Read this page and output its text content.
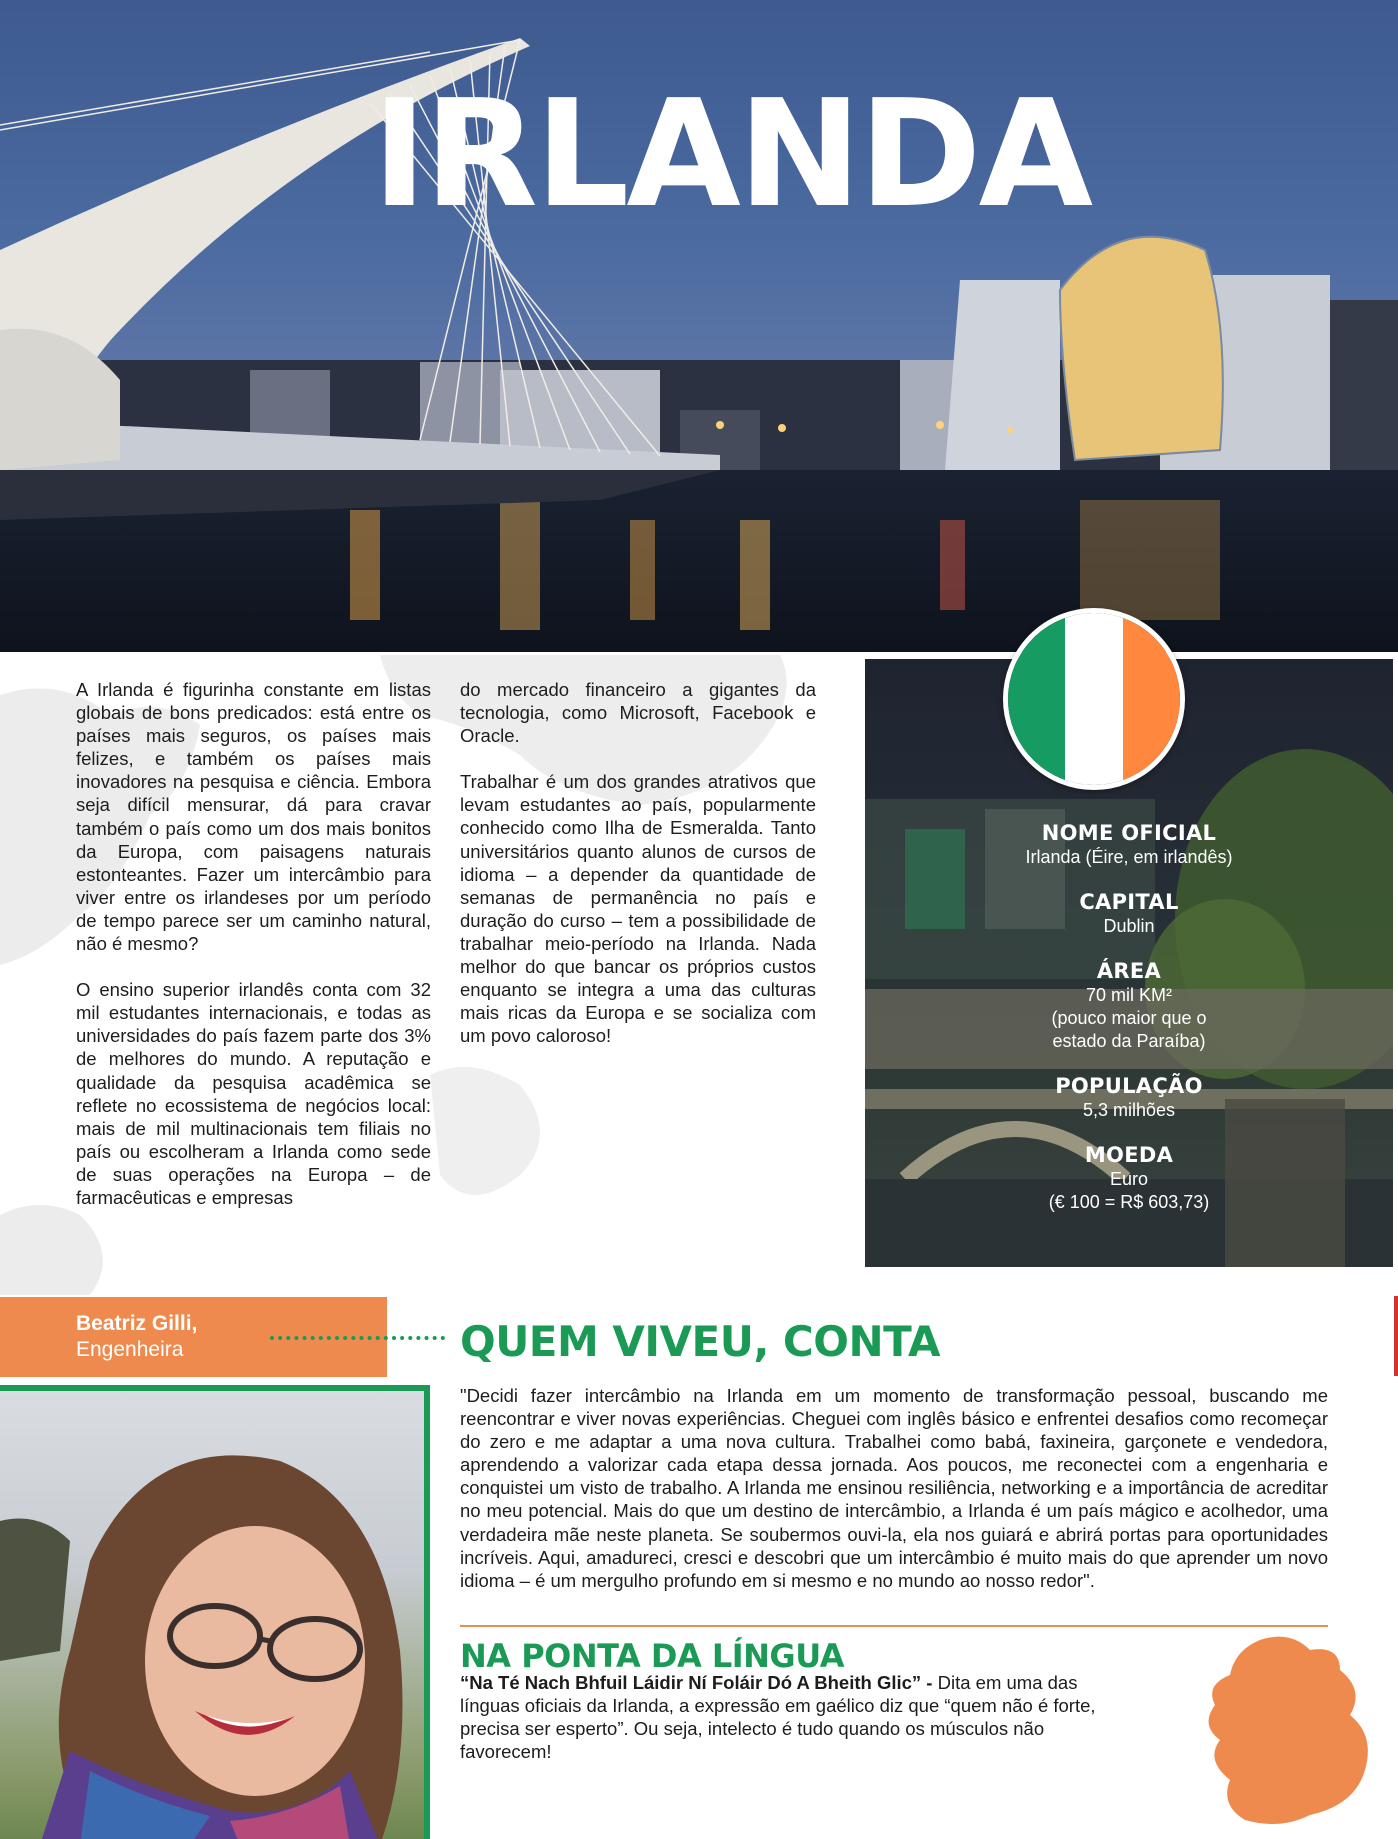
IRLANDA

A Irlanda é figurinha constante em listas globais de bons predicados: está entre os países mais seguros, os países mais felizes, e também os países mais inovadores na pesquisa e ciência. Embora seja difícil mensurar, dá para cravar também o país como um dos mais bonitos da Europa, com paisagens naturais estonteantes. Fazer um intercâmbio para viver entre os irlandeses por um período de tempo parece ser um caminho natural, não é mesmo?

O ensino superior irlandês conta com 32 mil estudantes internacionais, e todas as universidades do país fazem parte dos 3% de melhores do mundo. A reputação e qualidade da pesquisa acadêmica se reflete no ecossistema de negócios local: mais de mil multinacionais tem filiais no país ou escolheram a Irlanda como sede de suas operações na Europa – de farmacêuticas e empresas

do mercado financeiro a gigantes da tecnologia, como Microsoft, Facebook e Oracle.

Trabalhar é um dos grandes atrativos que levam estudantes ao país, popularmente conhecido como Ilha de Esmeralda. Tanto universitários quanto alunos de cursos de idioma – a depender da quantidade de semanas de permanência no país e duração do curso – tem a possibilidade de trabalhar meio-período na Irlanda. Nada melhor do que bancar os próprios custos enquanto se integra a uma das culturas mais ricas da Europa e se socializa com um povo caloroso!

NOME OFICIAL
Irlanda (Éire, em irlandês)
CAPITAL
Dublin
ÁREA
70 mil KM²
(pouco maior que o
estado da Paraíba)
POPULAÇÃO
5,3 milhões
MOEDA
Euro
(€ 100 = R$ 603,73)
Beatriz Gilli,
Engenheira	QUEM VIVEU, CONTA
"Decidi fazer intercâmbio na Irlanda em um momento de transformação pessoal, buscando me reencontrar e viver novas experiências. Cheguei com inglês básico e enfrentei desafios como recomeçar do zero e me adaptar a uma nova cultura. Trabalhei como babá, faxineira, garçonete e vendedora, aprendendo a valorizar cada etapa dessa jornada. Aos poucos, me reconectei com a engenharia e conquistei um visto de trabalho. A Irlanda me ensinou resiliência, networking e a importância de acreditar no meu potencial. Mais do que um destino de intercâmbio, a Irlanda é um país mágico e acolhedor, uma verdadeira mãe neste planeta. Se soubermos ouvi-la, ela nos guiará e abrirá portas para oportunidades incríveis. Aqui, amadureci, cresci e descobri que um intercâmbio é muito mais do que aprender um novo idioma – é um mergulho profundo em si mesmo e no mundo ao nosso redor".
NA PONTA DA LÍNGUA
“Na Té Nach Bhfuil Láidir Ní Foláir Dó A Bheith Glic” - Dita em uma das línguas oficiais da Irlanda, a expressão em gaélico diz que “quem não é forte, precisa ser esperto”. Ou seja, intelecto é tudo quando os músculos não favorecem!
